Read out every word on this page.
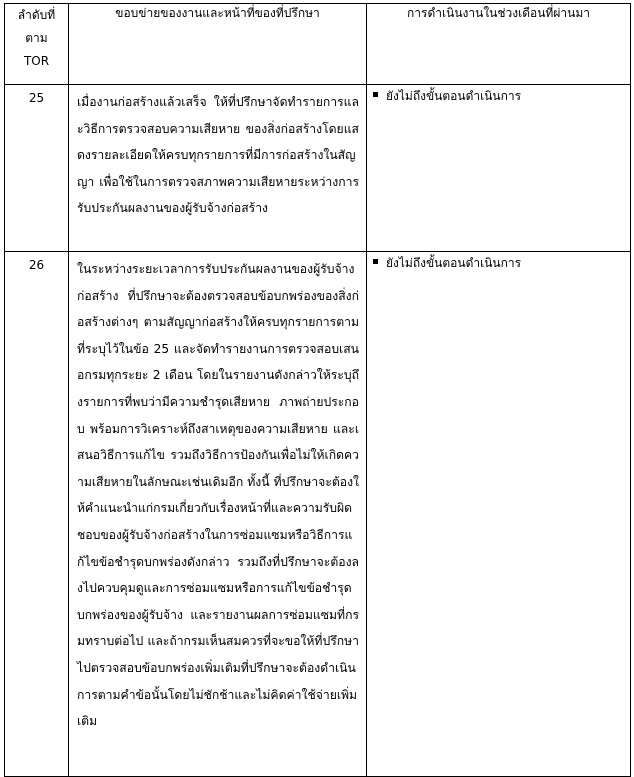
ลำดับที่
ตาม
TOR	ขอบข่ายของงานและหน้าที่ของที่ปรึกษา	การดำเนินงานในช่วงเดือนที่ผ่านมา
25	เมื่องานก่อสร้างแล้วเสร็จ ให้ที่ปรึกษาจัดทำรายการและวิธีการตรวจสอบความเสียหาย ของสิ่งก่อสร้างโดยแสดงรายละเอียดให้ครบทุกรายการที่มีการก่อสร้างในสัญญา เพื่อใช้ในการตรวจสภาพความเสียหายระหว่างการรับประกันผลงานของผู้รับจ้างก่อสร้าง	ยังไม่ถึงขั้นตอนดำเนินการ

26	ในระหว่างระยะเวลาการรับประกันผลงานของผู้รับจ้างก่อสร้าง ที่ปรึกษาจะต้องตรวจสอบข้อบกพร่องของสิ่งก่อสร้างต่างๆ ตามสัญญาก่อสร้างให้ครบทุกรายการตามที่ระบุไว้ในข้อ 25 และจัดทำรายงานการตรวจสอบเสนอกรมทุกระยะ 2 เดือน โดยในรายงานดังกล่าวให้ระบุถึงรายการที่พบว่ามีความชำรุดเสียหาย ภาพถ่ายประกอบ พร้อมการวิเคราะห์ถึงสาเหตุของความเสียหาย และเสนอวิธีการแก้ไข รวมถึงวิธีการป้องกันเพื่อไม่ให้เกิดความเสียหายในลักษณะเช่นเดิมอีก ทั้งนี้ ที่ปรึกษาจะต้องให้คำแนะนำแก่กรมเกี่ยวกับเรื่องหน้าที่และความรับผิดชอบของผู้รับจ้างก่อสร้างในการซ่อมแซมหรือวิธีการแก้ไขข้อชำรุดบกพร่องดังกล่าว รวมถึงที่ปรึกษาจะต้องลงไปควบคุมดูและการซ่อมแซมหรือการแก้ไขข้อชำรุดบกพร่องของผู้รับจ้าง และรายงานผลการซ่อมแซมที่กรมทราบต่อไป และถ้ากรมเห็นสมควรที่จะขอให้ที่ปรึกษาไปตรวจสอบข้อบกพร่องเพิ่มเติมที่ปรึกษาจะต้องดำเนินการตามคำข้อนั้นโดยไม่ชักช้าและไม่คิดค่าใช้จ่ายเพิ่มเติม	ยังไม่ถึงขั้นตอนดำเนินการ
